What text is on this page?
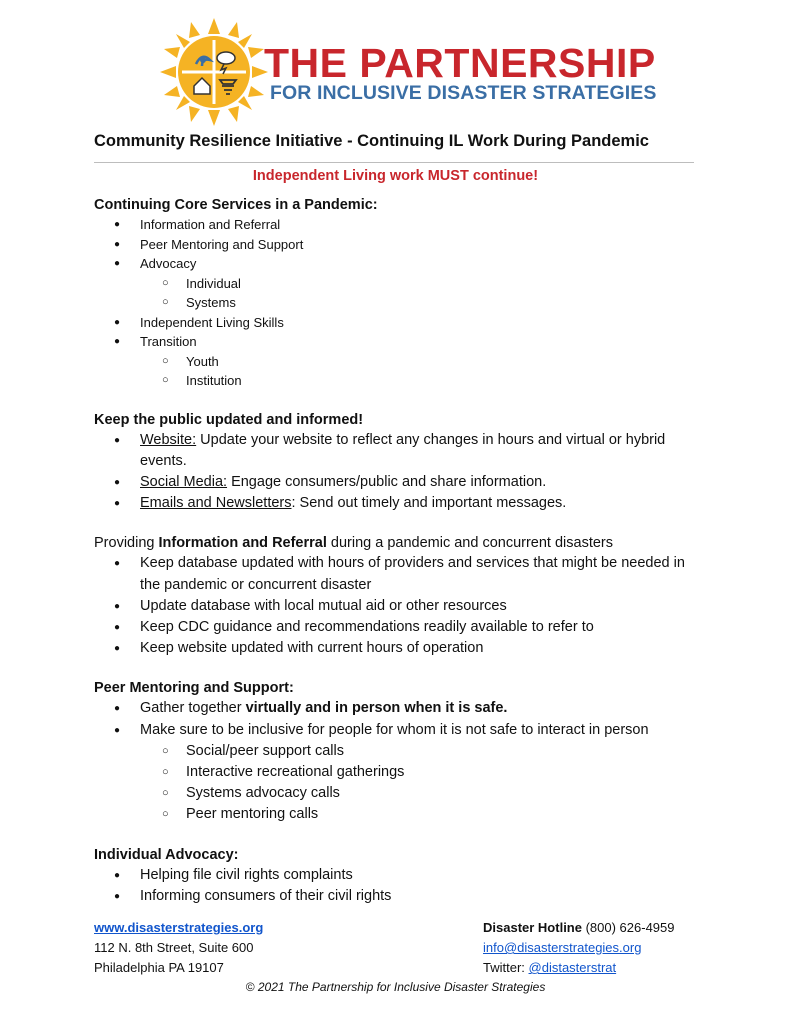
THE PARTNERSHIP
FOR INCLUSIVE DISASTER STRATEGIES
Community Resilience Initiative - Continuing IL Work During Pandemic
Independent Living work MUST continue!
Continuing Core Services in a Pandemic:
● Information and Referral
● Peer Mentoring and Support
● Advocacy
○ Individual
○ Systems
● Independent Living Skills
● Transition
○ Youth
○ Institution
Keep the public updated and informed!
● Website: Update your website to reflect any changes in hours and virtual or hybrid events.
● Social Media: Engage consumers/public and share information.
● Emails and Newsletters: Send out timely and important messages.

Providing Information and Referral during a pandemic and concurrent disasters

● Keep database updated with hours of providers and services that might be needed in the pandemic or concurrent disaster
● Update database with local mutual aid or other resources
● Keep CDC guidance and recommendations readily available to refer to
● Keep website updated with current hours of operation
Peer Mentoring and Support:
● Gather together virtually and in person when it is safe.
● Make sure to be inclusive for people for whom it is not safe to interact in person
○ Social/peer support calls
○ Interactive recreational gatherings
○ Systems advocacy calls
○ Peer mentoring calls
Individual Advocacy:
● Helping file civil rights complaints
● Informing consumers of their civil rights
www.disasterstrategies.org
112 N. 8th Street, Suite 600
Philadelphia PA 19107
Disaster Hotline (800) 626-4959
info@disasterstrategies.org
Twitter: @distasterstrat
© 2021 The Partnership for Inclusive Disaster Strategies
